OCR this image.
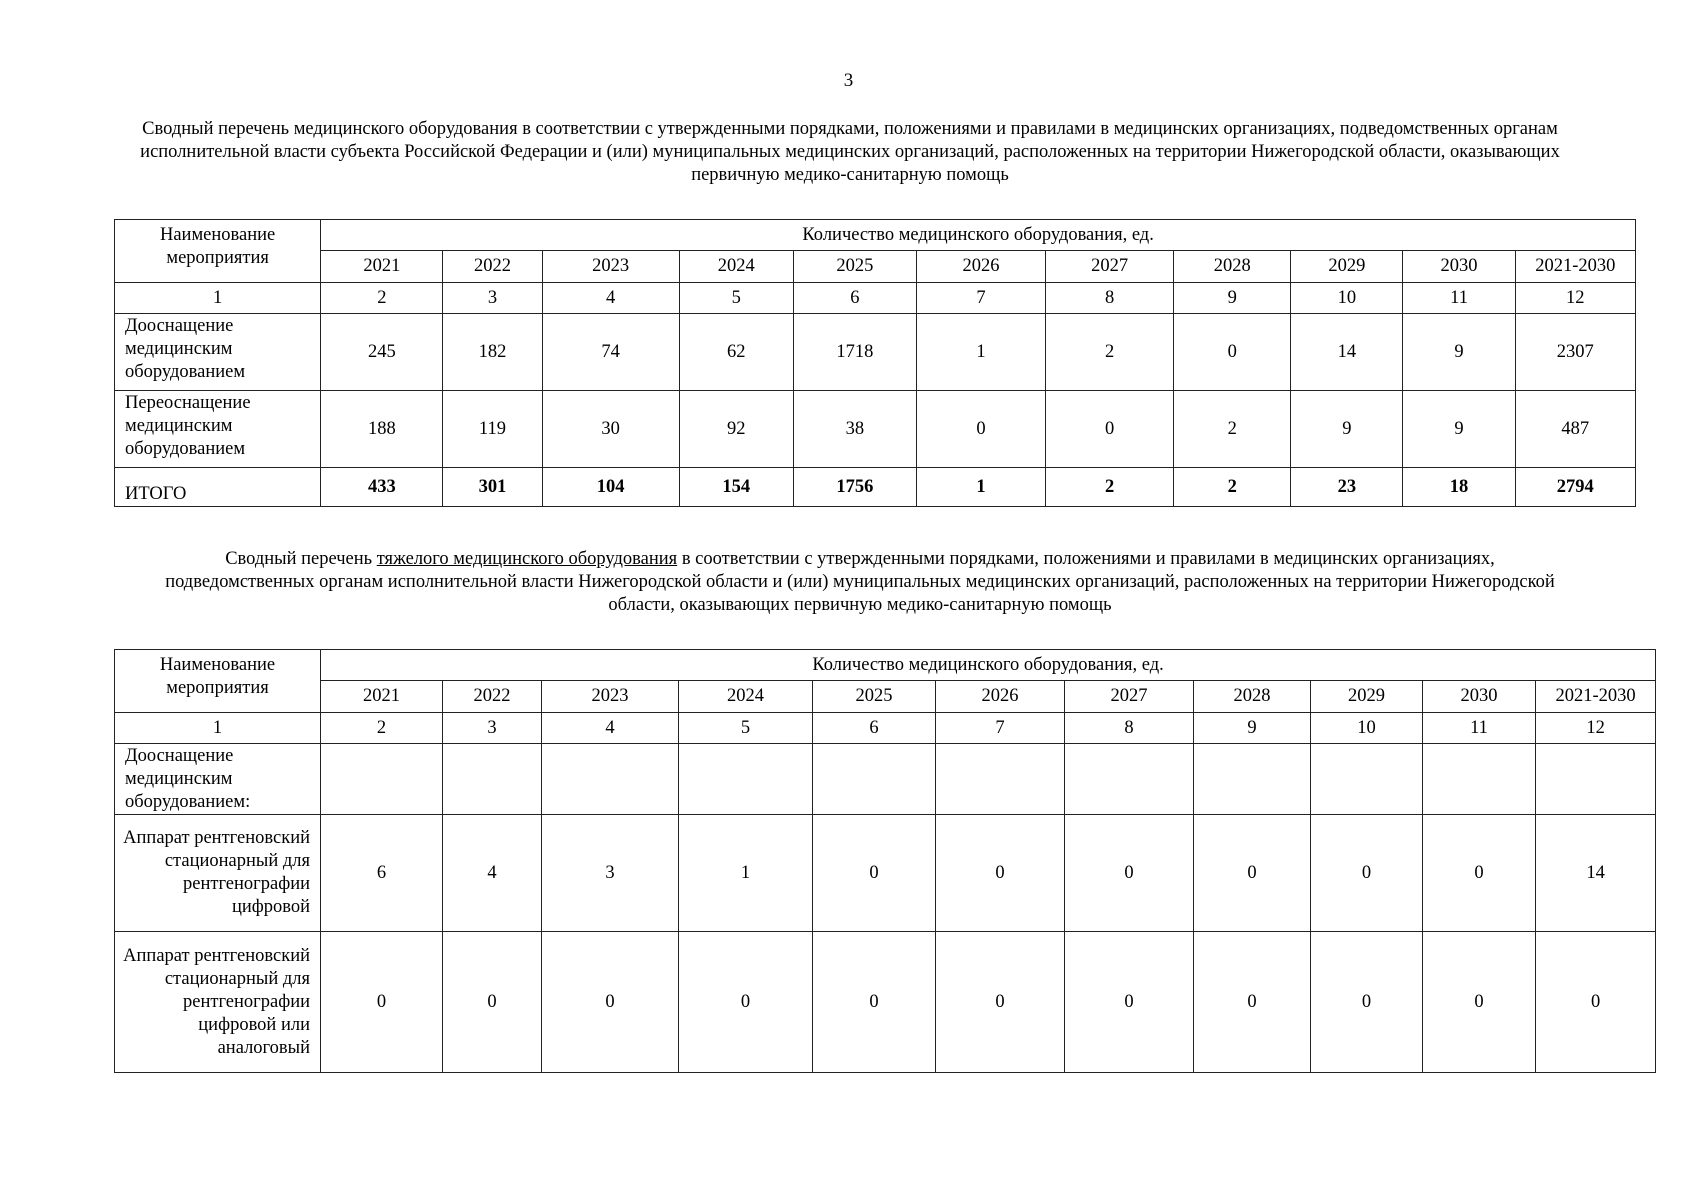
3
Сводный перечень медицинского оборудования в соответствии с утвержденными порядками, положениями и правилами в медицинских организациях, подведомственных органам исполнительной власти субъекта Российской Федерации и (или) муниципальных медицинских организаций, расположенных на территории Нижегородской области, оказывающих первичную медико-санитарную помощь
Наименование мероприятия	Количество медицинского оборудования, ед.										
	2021	2022	2023	2024	2025	2026	2027	2028	2029	2030	2021-2030
1	2	3	4	5	6	7	8	9	10	11	12
Дооснащение медицинским оборудованием	245	182	74	62	1718	1	2	0	14	9	2307
Переоснащение медицинским оборудованием	188	119	30	92	38	0	0	2	9	9	487
ИТОГО	433	301	104	154	1756	1	2	2	23	18	2794
Сводный перечень тяжелого медицинского оборудования в соответствии с утвержденными порядками, положениями и правилами в медицинских организациях, подведомственных органам исполнительной власти Нижегородской области и (или) муниципальных медицинских организаций, расположенных на территории Нижегородской области, оказывающих первичную медико-санитарную помощь
Наименование мероприятия	Количество медицинского оборудования, ед.										
	2021	2022	2023	2024	2025	2026	2027	2028	2029	2030	2021-2030
1	2	3	4	5	6	7	8	9	10	11	12
Дооснащение медицинским оборудованием:											
Аппарат рентгеновский стационарный для рентгенографии цифровой	6	4	3	1	0	0	0	0	0	0	14
Аппарат рентгеновский стационарный для рентгенографии цифровой или аналоговый	0	0	0	0	0	0	0	0	0	0	0
